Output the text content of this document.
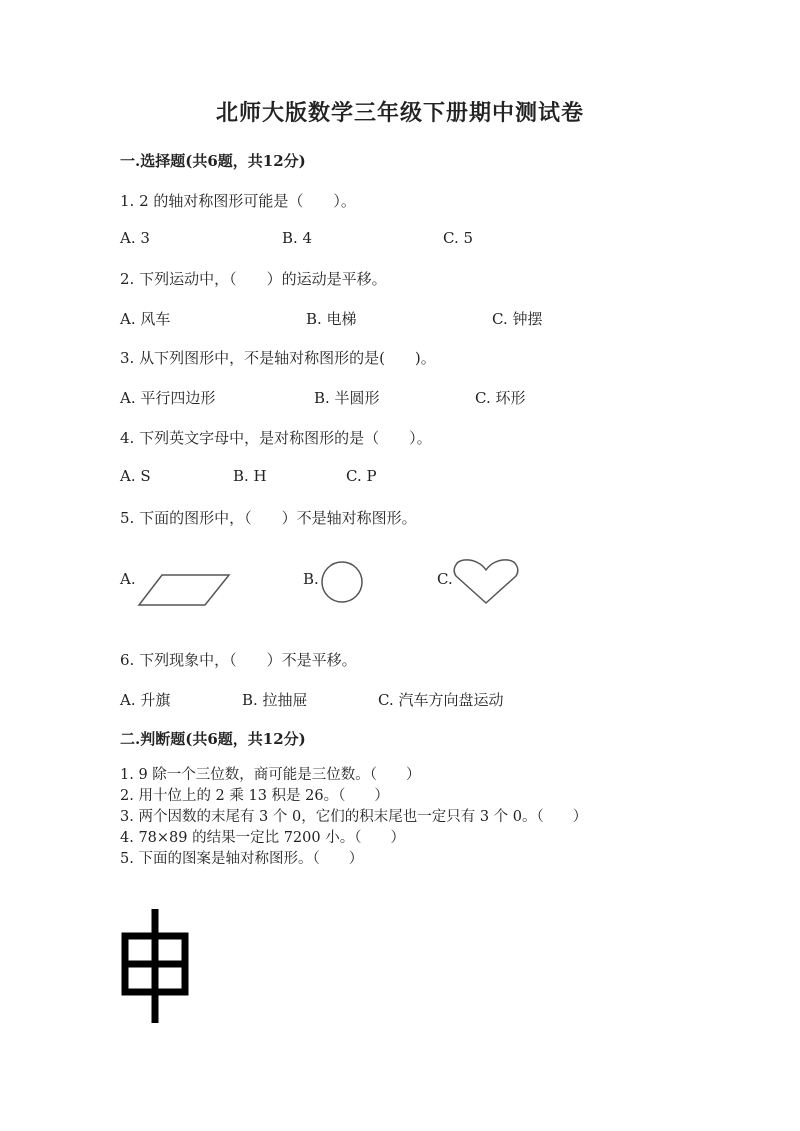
北师大版数学三年级下册期中测试卷
一.选择题(共6题，共12分)
1. 2 的轴对称图形可能是（　　）。
A. 3	B. 4	C. 5
2. 下列运动中，（　　）的运动是平移。
A. 风车	B. 电梯	C. 钟摆
3. 从下列图形中，不是轴对称图形的是(　　)。
A. 平行四边形	B. 半圆形	C. 环形
4. 下列英文字母中，是对称图形的是（　　）。
A. S	B. H	C. P
5. 下面的图形中，（　　）不是轴对称图形。
A.	B.	C.
6. 下列现象中，（　　）不是平移。
A. 升旗	B. 拉抽屉	C. 汽车方向盘运动
二.判断题(共6题，共12分)
1. 9 除一个三位数，商可能是三位数。（　　）
2. 用十位上的 2 乘 13 积是 26。（　　）
3. 两个因数的末尾有 3 个 0，它们的积末尾也一定只有 3 个 0。（　　）
4. 78×89 的结果一定比 7200 小。（　　）
5. 下面的图案是轴对称图形。（　　）
